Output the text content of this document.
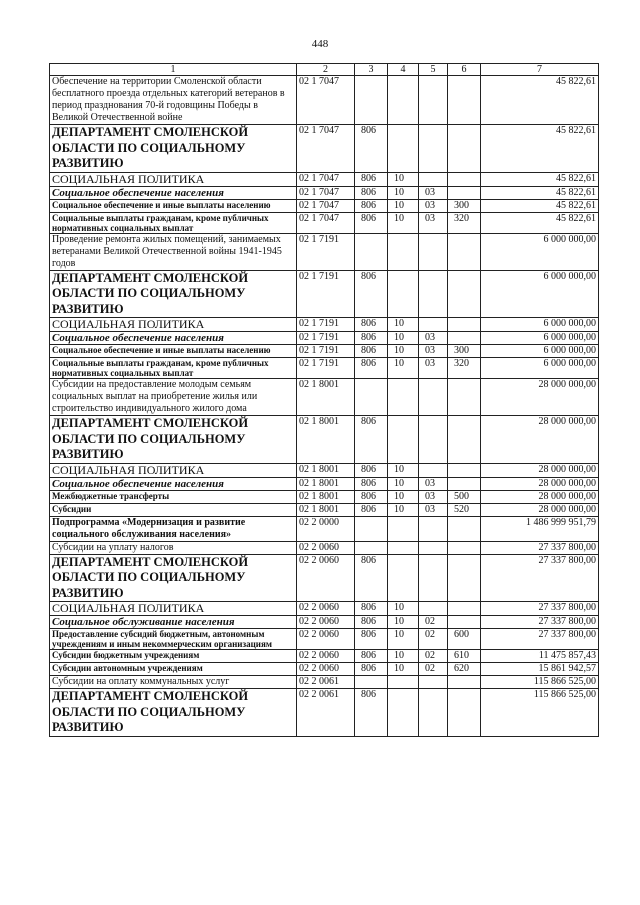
448
1	2	3	4	5	6	7
Обеспечение на территории Смоленской области бесплатного проезда отдельных категорий ветеранов в период празднования 70-й годовщины Победы в Великой Отечественной войне	02 1 7047					45 822,61
ДЕПАРТАМЕНТ СМОЛЕНСКОЙ ОБЛАСТИ ПО СОЦИАЛЬНОМУ РАЗВИТИЮ	02 1 7047	806				45 822,61
СОЦИАЛЬНАЯ ПОЛИТИКА	02 1 7047	806	10			45 822,61
Социальное обеспечение населения	02 1 7047	806	10	03		45 822,61
Социальное обеспечение и иные выплаты населению	02 1 7047	806	10	03	300	45 822,61
Социальные выплаты гражданам, кроме публичных нормативных социальных выплат	02 1 7047	806	10	03	320	45 822,61
Проведение ремонта жилых помещений, занимаемых ветеранами Великой Отечественной войны 1941-1945 годов	02 1 7191					6 000 000,00
ДЕПАРТАМЕНТ СМОЛЕНСКОЙ ОБЛАСТИ ПО СОЦИАЛЬНОМУ РАЗВИТИЮ	02 1 7191	806				6 000 000,00
СОЦИАЛЬНАЯ ПОЛИТИКА	02 1 7191	806	10			6 000 000,00
Социальное обеспечение населения	02 1 7191	806	10	03		6 000 000,00
Социальное обеспечение и иные выплаты населению	02 1 7191	806	10	03	300	6 000 000,00
Социальные выплаты гражданам, кроме публичных нормативных социальных выплат	02 1 7191	806	10	03	320	6 000 000,00
Субсидии на предоставление молодым семьям социальных выплат на приобретение жилья или строительство индивидуального жилого дома	02 1 8001					28 000 000,00
ДЕПАРТАМЕНТ СМОЛЕНСКОЙ ОБЛАСТИ ПО СОЦИАЛЬНОМУ РАЗВИТИЮ	02 1 8001	806				28 000 000,00
СОЦИАЛЬНАЯ ПОЛИТИКА	02 1 8001	806	10			28 000 000,00
Социальное обеспечение населения	02 1 8001	806	10	03		28 000 000,00
Межбюджетные трансферты	02 1 8001	806	10	03	500	28 000 000,00
Субсидии	02 1 8001	806	10	03	520	28 000 000,00
Подпрограмма «Модернизация и развитие социального обслуживания населения»	02 2 0000					1 486 999 951,79
Субсидии на уплату налогов	02 2 0060					27 337 800,00
ДЕПАРТАМЕНТ СМОЛЕНСКОЙ ОБЛАСТИ ПО СОЦИАЛЬНОМУ РАЗВИТИЮ	02 2 0060	806				27 337 800,00
СОЦИАЛЬНАЯ ПОЛИТИКА	02 2 0060	806	10			27 337 800,00
Социальное обслуживание населения	02 2 0060	806	10	02		27 337 800,00
Предоставление субсидий бюджетным, автономным учреждениям и иным некоммерческим организациям	02 2 0060	806	10	02	600	27 337 800,00
Субсидии бюджетным учреждениям	02 2 0060	806	10	02	610	11 475 857,43
Субсидии автономным учреждениям	02 2 0060	806	10	02	620	15 861 942,57
Субсидии на оплату коммунальных услуг	02 2 0061					115 866 525,00
ДЕПАРТАМЕНТ СМОЛЕНСКОЙ ОБЛАСТИ ПО СОЦИАЛЬНОМУ РАЗВИТИЮ	02 2 0061	806				115 866 525,00
